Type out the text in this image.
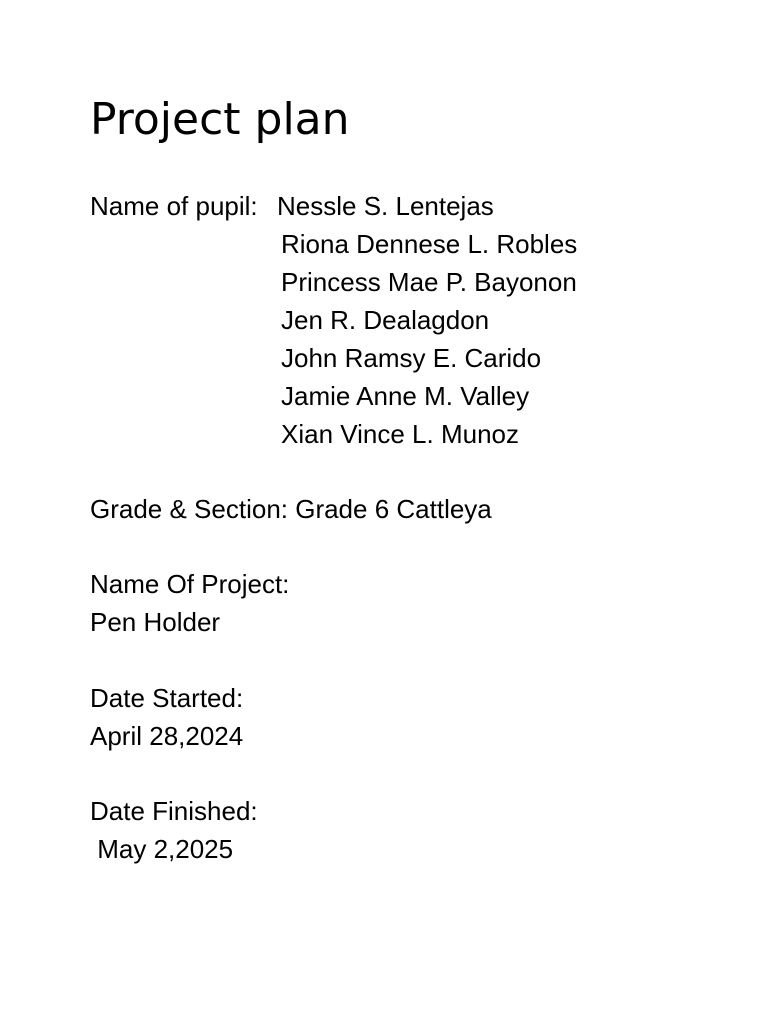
Project plan
Name of pupil: Nessle S. Lentejas
Riona Dennese L. Robles
Princess Mae P. Bayonon
Jen R. Dealagdon
John Ramsy E. Carido
Jamie Anne M. Valley
Xian Vince L. Munoz
Grade & Section: Grade 6 Cattleya
Name Of Project:
Pen Holder
Date Started:
April 28,2024
Date Finished:
May 2,2025
